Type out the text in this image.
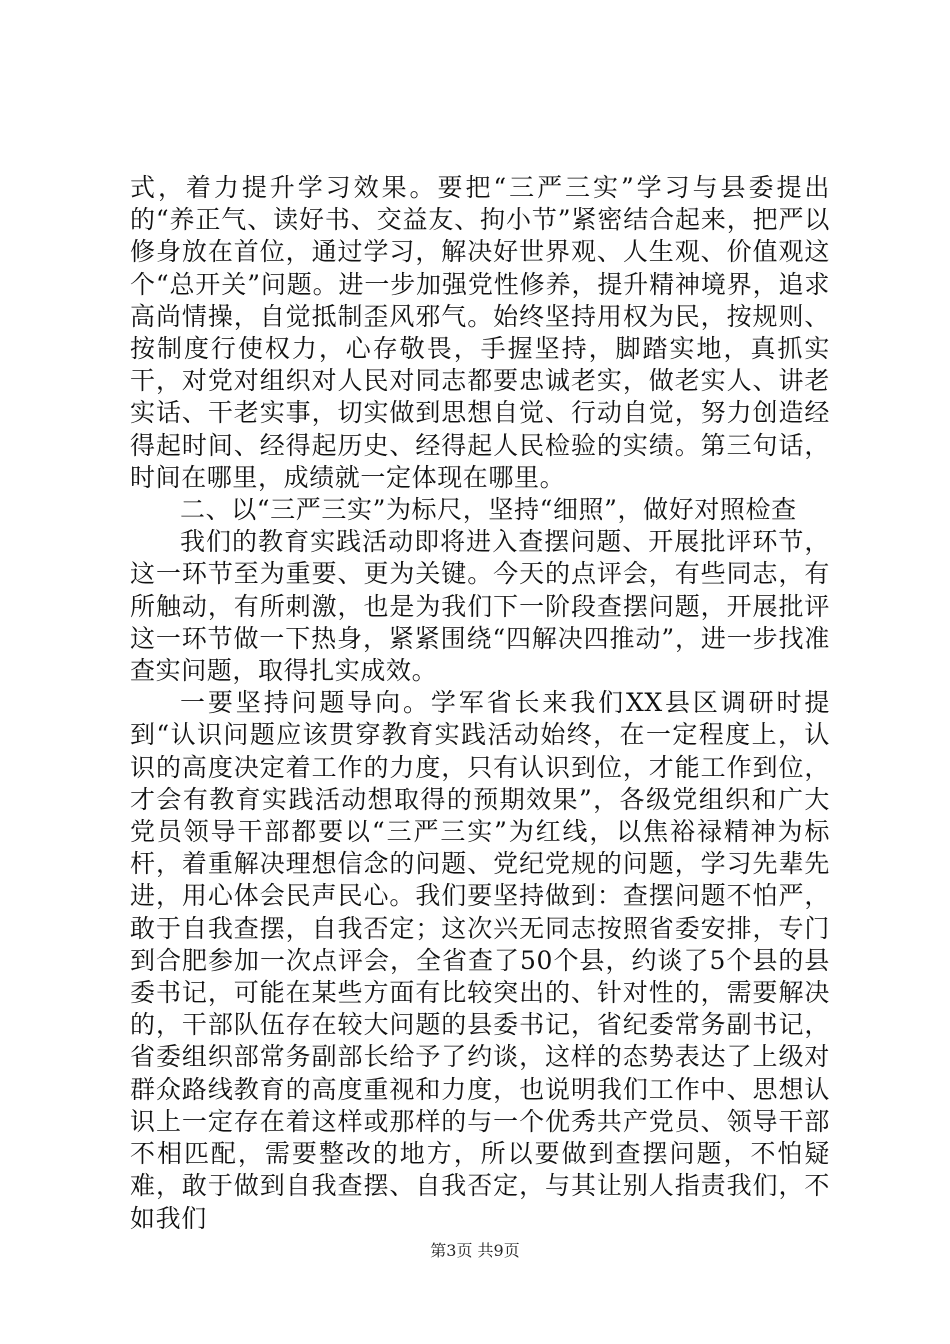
式，着力提升学习效果。要把“三严三实”学习与县委提出的“养正气、读好书、交益友、拘小节”紧密结合起来，把严以修身放在首位，通过学习，解决好世界观、人生观、价值观这个“总开关”问题。进一步加强党性修养，提升精神境界，追求高尚情操，自觉抵制歪风邪气。始终坚持用权为民，按规则、按制度行使权力，心存敬畏，手握坚持，脚踏实地，真抓实干，对党对组织对人民对同志都要忠诚老实，做老实人、讲老实话、干老实事，切实做到思想自觉、行动自觉，努力创造经得起时间、经得起历史、经得起人民检验的实绩。第三句话，时间在哪里，成绩就一定体现在哪里。

二、以“三严三实”为标尺，坚持“细照”，做好对照检查

我们的教育实践活动即将进入查摆问题、开展批评环节，这一环节至为重要、更为关键。今天的点评会，有些同志，有所触动，有所刺激，也是为我们下一阶段查摆问题，开展批评这一环节做一下热身，紧紧围绕“四解决四推动”，进一步找准查实问题，取得扎实成效。

一要坚持问题导向。学军省长来我们XX县区调研时提到“认识问题应该贯穿教育实践活动始终，在一定程度上，认识的高度决定着工作的力度，只有认识到位，才能工作到位，才会有教育实践活动想取得的预期效果”，各级党组织和广大党员领导干部都要以“三严三实”为红线，以焦裕禄精神为标杆，着重解决理想信念的问题、党纪党规的问题，学习先辈先进，用心体会民声民心。我们要坚持做到：查摆问题不怕严，敢于自我查摆，自我否定；这次兴无同志按照省委安排，专门到合肥参加一次点评会，全省查了50个县，约谈了5个县的县委书记，可能在某些方面有比较突出的、针对性的，需要解决的，干部队伍存在较大问题的县委书记，省纪委常务副书记，省委组织部常务副部长给予了约谈，这样的态势表达了上级对群众路线教育的高度重视和力度，也说明我们工作中、思想认识上一定存在着这样或那样的与一个优秀共产党员、领导干部不相匹配，需要整改的地方，所以要做到查摆问题，不怕疑难，敢于做到自我查摆、自我否定，与其让别人指责我们，不如我们

第3页 共9页
